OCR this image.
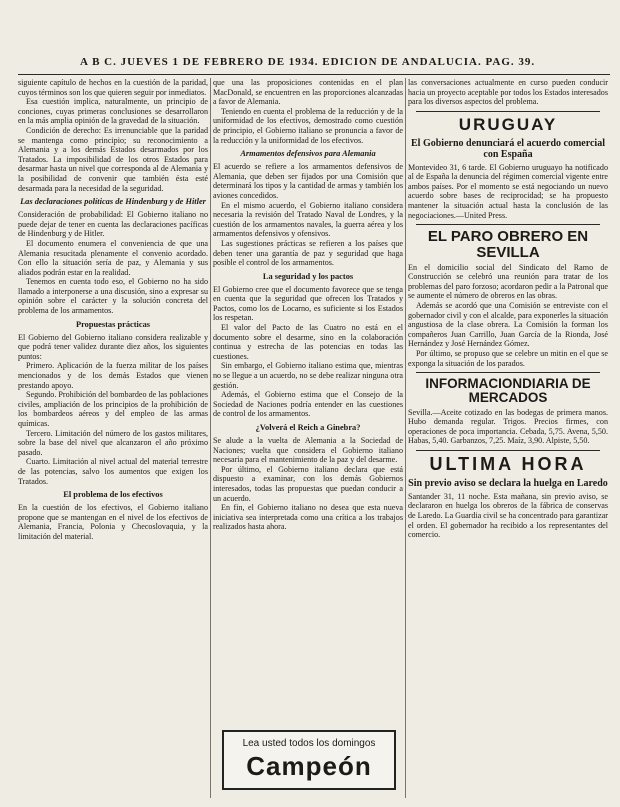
A B C. JUEVES 1 DE FEBRERO DE 1934. EDICION DE ANDALUCIA. PAG. 39.

siguiente capítulo de hechos en la cuestión de la paridad, cuyos términos son los que quieren seguir por inmediatos.

Esa cuestión implica, naturalmente, un principio de conciones, cuyas primeras conclusiones se desarrollaron en la más amplia opinión de la gravedad de la situación.

Condición de derecho: Es irrenunciable que la paridad se mantenga como principio; su reconocimiento a Alemania y a los demás Estados desarmados por los Tratados. La imposibilidad de los otros Estados para desarmar hasta un nivel que corresponda al de Alemania y la posibilidad de convenir que también ésta esté desarmada para la necesidad de la seguridad.

Las declaraciones políticas de Hindenburg y de Hitler

Consideración de probabilidad: El Gobierno italiano no puede dejar de tener en cuenta las declaraciones pacíficas de Hindenburg y de Hitler.

El documento enumera el conveniencia de que una Alemania resucitada plenamente el convenio acordado. Con ello la situación sería de paz, y Alemania y sus aliados podrán estar en la realidad.

Tenemos en cuenta todo eso, el Gobierno no ha sido llamado a interponerse a una discusión, sino a expresar su opinión sobre el carácter y la solución concreta del problema de los armamentos.

Propuestas prácticas

El Gobierno del Gobierno italiano considera realizable y que podrá tener validez durante diez años, los siguientes puntos:

Primero. Aplicación de la fuerza militar de los países mencionados y de los demás Estados que vienen prestando apoyo.

Segundo. Prohibición del bombardeo de las poblaciones civiles, ampliación de los principios de la prohibición de los bombardeos aéreos y del empleo de las armas químicas.

Tercero. Limitación del número de los gastos militares, sobre la base del nivel que alcanzaron el año próximo pasado.

Cuarto. Limitación al nivel actual del material terrestre de las potencias, salvo los aumentos que exigen los Tratados.

El problema de los efectivos

En la cuestión de los efectivos, el Gobierno italiano propone que se mantengan en el nivel de los efectivos de Alemania, Francia, Polonia y Checoslovaquia, y la limitación del material.

que una las proposiciones contenidas en el plan MacDonald, se encuentren en las proporciones alcanzadas a favor de Alemania.

Teniendo en cuenta el problema de la reducción y de la uniformidad de los efectivos, demostrado como cuestión de principio, el Gobierno italiano se pronuncia a favor de la reducción y la uniformidad de los efectivos.

Armamentos defensivos para Alemania

El acuerdo se refiere a los armamentos defensivos de Alemania, que deben ser fijados por una Comisión que determinará los tipos y la cantidad de armas y también los aviones concedidos.

En el mismo acuerdo, el Gobierno italiano considera necesaria la revisión del Tratado Naval de Londres, y la cuestión de los armamentos navales, la guerra aérea y los armamentos defensivos y ofensivos.

Las sugestiones prácticas se refieren a los países que deben tener una garantía de paz y seguridad que haga posible el control de los armamentos.

La seguridad y los pactos

El Gobierno cree que el documento favorece que se tenga en cuenta que la seguridad que ofrecen los Tratados y Pactos, como los de Locarno, es suficiente si los Estados los respetan.

El valor del Pacto de las Cuatro no está en el documento sobre el desarme, sino en la colaboración continua y estrecha de las potencias en todas las cuestiones.

Sin embargo, el Gobierno italiano estima que, mientras no se llegue a un acuerdo, no se debe realizar ninguna otra gestión.

Además, el Gobierno estima que el Consejo de la Sociedad de Naciones podría entender en las cuestiones de control de los armamentos.

¿Volverá el Reich a Ginebra?

Se alude a la vuelta de Alemania a la Sociedad de Naciones; vuelta que considera el Gobierno italiano necesaria para el mantenimiento de la paz y del desarme.

Por último, el Gobierno italiano declara que está dispuesto a examinar, con los demás Gobiernos interesados, todas las propuestas que puedan conducir a un acuerdo.

En fin, el Gobierno italiano no desea que esta nueva iniciativa sea interpretada como una crítica a los trabajos realizados hasta ahora.

las conversaciones actualmente en curso pueden conducir hacia un proyecto aceptable por todos los Estados interesados para los diversos aspectos del problema.

URUGUAY
El Gobierno denunciará el acuerdo comercial con España

Montevideo 31, 6 tarde. El Gobierno uruguayo ha notificado al de España la denuncia del régimen comercial vigente entre ambos países. Por el momento se está negociando un nuevo acuerdo sobre bases de reciprocidad; se ha propuesto mantener la situación actual hasta la conclusión de las negociaciones.—United Press.

EL PARO OBRERO EN SEVILLA

En el domicilio social del Sindicato del Ramo de Construcción se celebró una reunión para tratar de los problemas del paro forzoso; acordaron pedir a la Patronal que se aumente el número de obreros en las obras.

Además se acordó que una Comisión se entreviste con el gobernador civil y con el alcalde, para exponerles la situación angustiosa de la clase obrera. La Comisión la forman los compañeros Juan Carrillo, Juan García de la Rionda, José Hernández y José Hernández Gómez.

Por último, se propuso que se celebre un mitin en el que se exponga la situación de los parados.

INFORMACIONDIARIA DE MERCADOS

Sevilla.—Aceite cotizado en las bodegas de primera manos. Hubo demanda regular. Trigos. Precios firmes, con operaciones de poca importancia. Cebada, 5,75. Avena, 5,50. Habas, 5,40. Garbanzos, 7,25. Maíz, 3,90. Alpiste, 5,50.

ULTIMA HORA
Sin previo aviso se declara la huelga en Laredo

Santander 31, 11 noche. Esta mañana, sin previo aviso, se declararon en huelga los obreros de la fábrica de conservas de Laredo. La Guardia civil se ha concentrado para garantizar el orden. El gobernador ha recibido a los representantes del comercio.

Lea usted todos los domingos
Campeón
